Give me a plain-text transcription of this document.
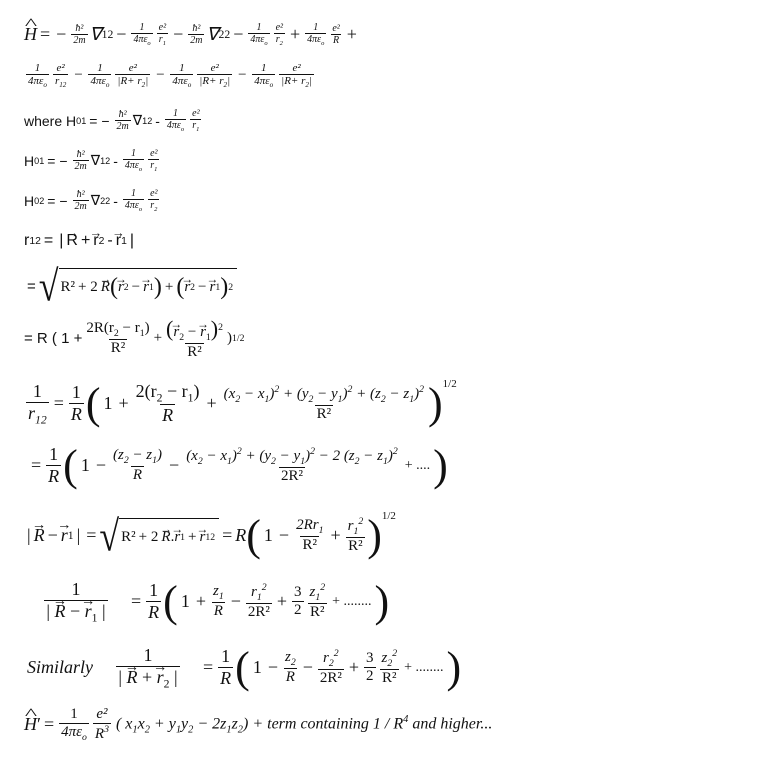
^ H = − $\frac{\text{ħ²}}{2m}$ ∇ 1 2 −	1
$4\pi\varepsilon_o$
e²
$r_1 - \frac{\text{ħ²}}{2m}$ ∇ 2 2 −	1
$4\pi\varepsilon_o$
e²
$r_2$ +	1
$4\pi\varepsilon_o$
e²
R +
1
$4\pi\varepsilon_o$
e²
$r_{12}$
− 1
$4\pi\varepsilon_o$
e²
$|R+ r_2| - 1$
$4\pi\varepsilon_o$
e²
$|R+ r_2| - 1$
$4\pi\varepsilon_o$
e²
$|R+ r_2|$
where H 0 1 = − $\frac{\text{ħ²}}{2m}$ ∇ 1 2 -	1
$4\pi\varepsilon_o$
e²
$r_1$
H 0 1 = − $\frac{\text{ħ²}}{2m}$ ∇ 1 2 -	1
$4\pi\varepsilon_o$
e²
$r_1$
H 0 2 = − $\frac{\text{ħ²}}{2m}$ ∇ 2 2 -	1
$4\pi\varepsilon_o$
e²
$r_2$
r 12 = | → R + → r 2 - → r 1 |
= √ R² + 2 → R ( → r 2 − → r 1 ) + ( → r 2 − → r 1 ) 2
= R ( $1 + \frac{2R(r_2 - r_1)}{\text{R²}} + \frac{(\to r_2 - \to r_1)^2}{\text{R²}}$ ) 1/2
$\frac{1}{r_{12}} = \frac{1}{R}$ ( $1 + \frac{2(r_2 - r_1)}{R} + \frac{(x_2 - x_1)^2 + (y_2 - y_1)^2 + (z_2 - z_1)^2}{\text{R²}} )^{1/2}$
= $\frac{1}{R}$ ( $1 - \frac{(z_2 - z_1)}{R} - \frac{(x_2 - x_1)^2 + (y_2 - y_1)^2 - 2 (z_2 - z_1)^2}{\text{2R²}}$ + .... )
| → R − → r 1 | = √ R² + 2 → R . → r 1 + → r 1 2 = R ( $1 - \frac{2Rr_1}{\text{R²}} + \frac{r_1^2}{\text{R²}} )^{1/2}$
$\frac{1}{| \to R - \to r_1 |} = \frac{1}{R}$ ( $1 + \frac{z_1}{R} - \frac{r_1^2}{\text{2R²}} + \frac{3}{2} z_1^2$
R²
+ ........ )
Similarly $\frac{1}{| \to R + \to r_2 |} = \frac{1}{R}$ ( $1 - \frac{z_2}{R} - \frac{r_2^2}{\text{2R²}} + \frac{3}{2} z_2^2$
R²
+ ........ )
^ H ′ = 1
$4\pi\varepsilon_o$
e²
$R^3$ ( $x_1x_2 + y_1y_2 - 2z_1z_2$) + term containing $1 / R^4$ and higher...
